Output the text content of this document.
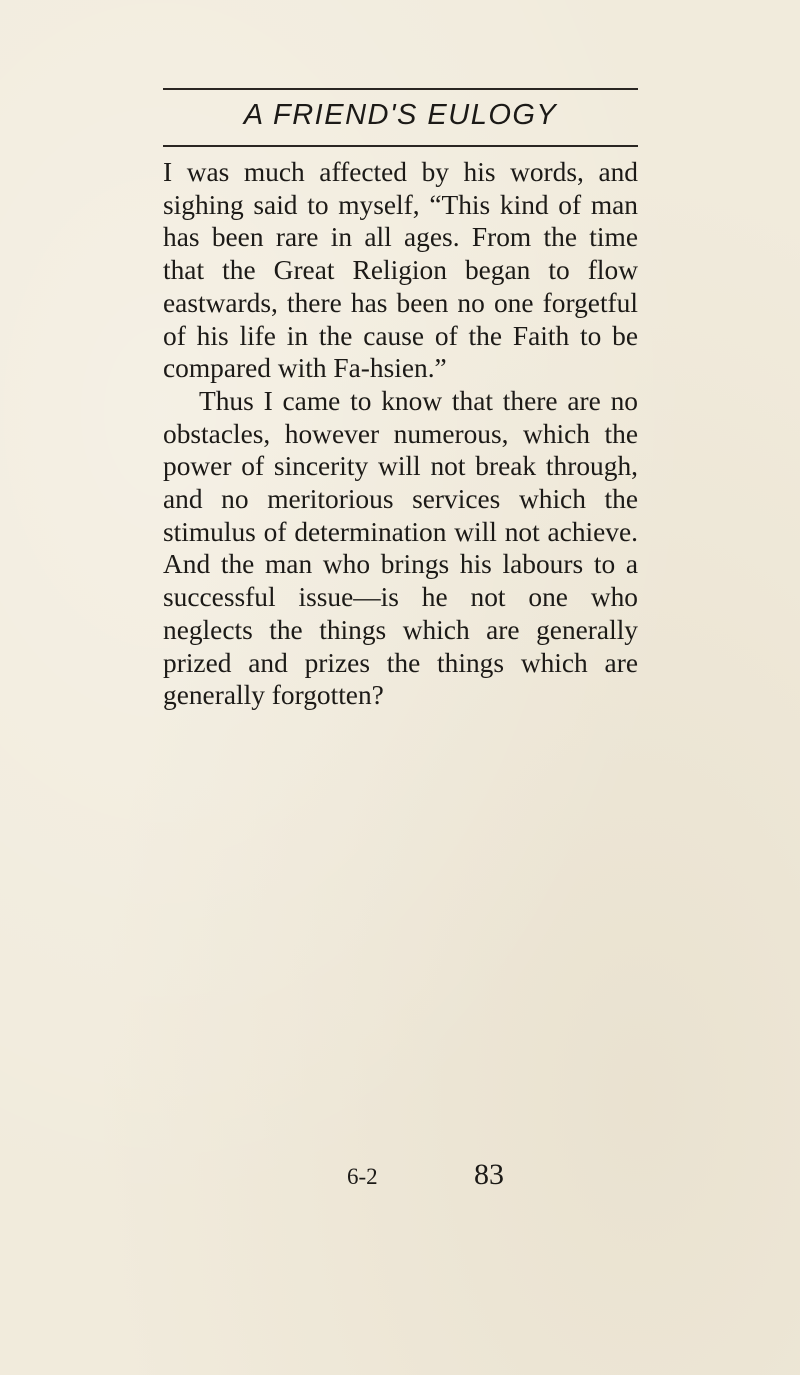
A FRIEND'S EULOGY

I was much affected by his words, and sighing said to myself, “This kind of man has been rare in all ages. From the time that the Great Religion began to flow eastwards, there has been no one forgetful of his life in the cause of the Faith to be compared with Fa-hsien.”

Thus I came to know that there are no obstacles, however numerous, which the power of sincerity will not break through, and no meritorious services which the stimulus of determination will not achieve. And the man who brings his labours to a successful issue—is he not one who neglects the things which are generally prized and prizes the things which are generally forgotten?

6-2	83
